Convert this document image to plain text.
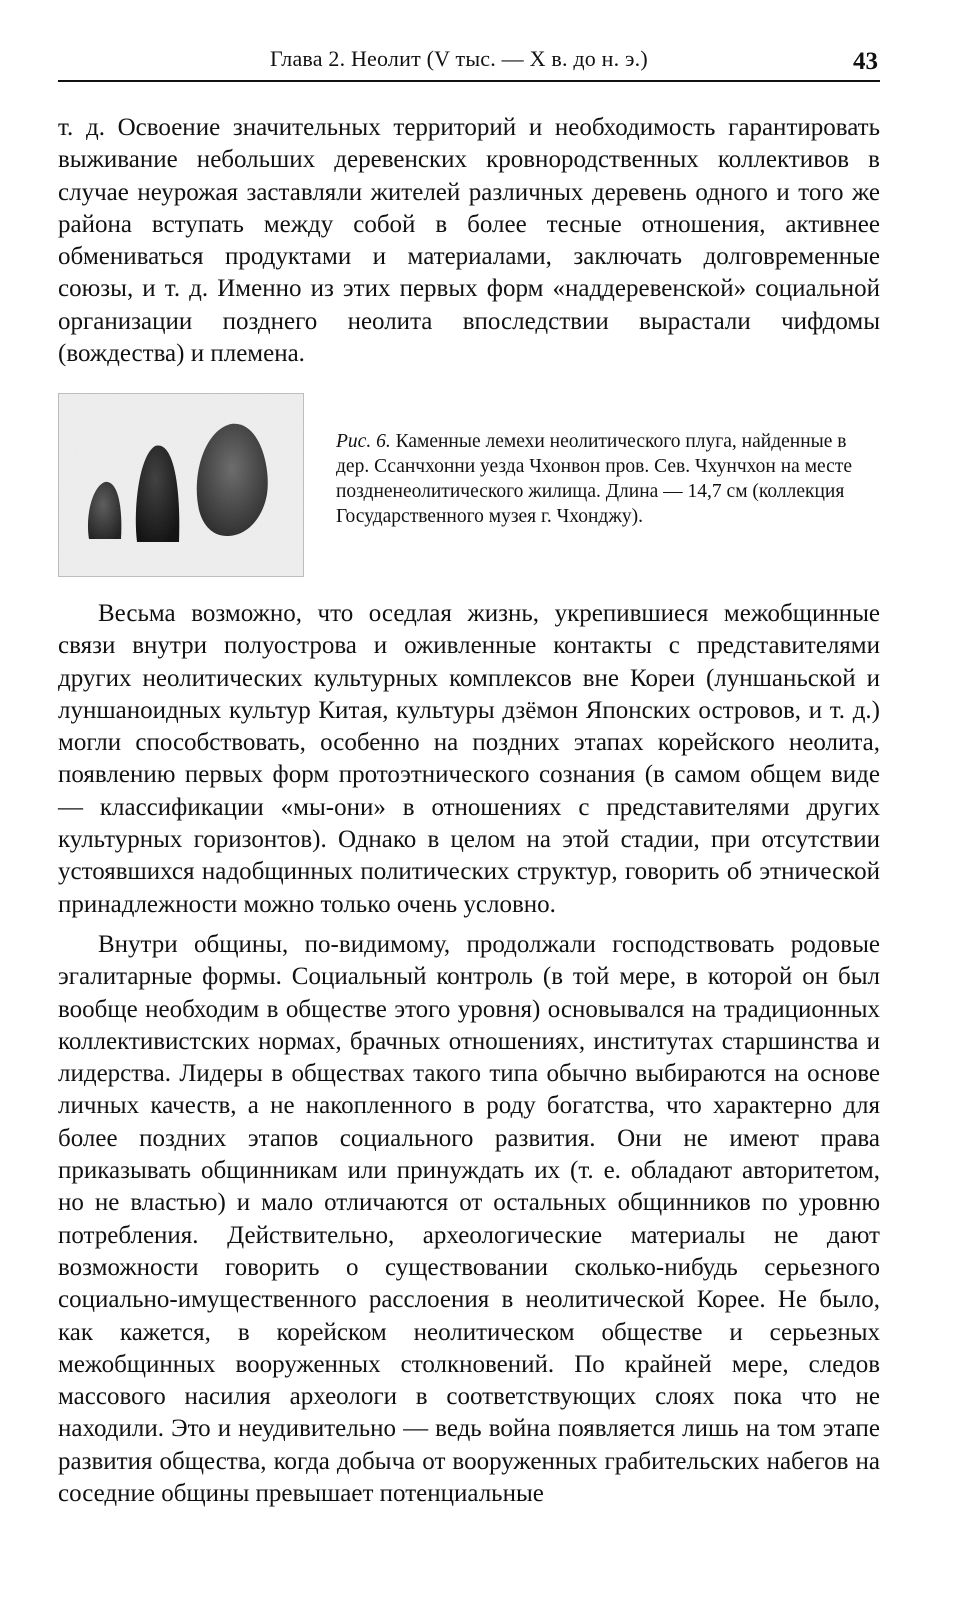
Глава 2. Неолит (V тыс. — X в. до н. э.)	43

т. д. Освоение значительных территорий и необходимость гарантировать выживание небольших деревенских кровнородственных коллективов в случае неурожая заставляли жителей различных деревень одного и того же района вступать между собой в более тесные отношения, активнее обмениваться продуктами и материалами, заключать долговременные союзы, и т. д. Именно из этих первых форм «наддеревенской» социальной организации позднего неолита впоследствии вырастали чифдомы (вождества) и племена.

Рис. 6. Каменные лемехи неолитического плуга, найденные в дер. Ссанчхонни уезда Чхонвон пров. Сев. Чхунчхон на месте поздненеолитического жилища. Длина — 14,7 см (коллекция Государственного музея г. Чхонджу).

Весьма возможно, что оседлая жизнь, укрепившиеся межобщинные связи внутри полуострова и оживленные контакты с представителями других неолитических культурных комплексов вне Кореи (луншаньской и луншаноидных культур Китая, культуры дзёмон Японских островов, и т. д.) могли способствовать, особенно на поздних этапах корейского неолита, появлению первых форм протоэтнического сознания (в самом общем виде — классификации «мы-они» в отношениях с представителями других культурных горизонтов). Однако в целом на этой стадии, при отсутствии устоявшихся надобщинных политических структур, говорить об этнической принадлежности можно только очень условно.

Внутри общины, по-видимому, продолжали господствовать родовые эгалитарные формы. Социальный контроль (в той мере, в которой он был вообще необходим в обществе этого уровня) основывался на традиционных коллективистских нормах, брачных отношениях, институтах старшинства и лидерства. Лидеры в обществах такого типа обычно выбираются на основе личных качеств, а не накопленного в роду богатства, что характерно для более поздних этапов социального развития. Они не имеют права приказывать общинникам или принуждать их (т. е. обладают авторитетом, но не властью) и мало отличаются от остальных общинников по уровню потребления. Действительно, археологические материалы не дают возможности говорить о существовании сколько-нибудь серьезного социально-имущественного расслоения в неолитической Корее. Не было, как кажется, в корейском неолитическом обществе и серьезных межобщинных вооруженных столкновений. По крайней мере, следов массового насилия археологи в соответствующих слоях пока что не находили. Это и неудивительно — ведь война появляется лишь на том этапе развития общества, когда добыча от вооруженных грабительских набегов на соседние общины превышает потенциальные
